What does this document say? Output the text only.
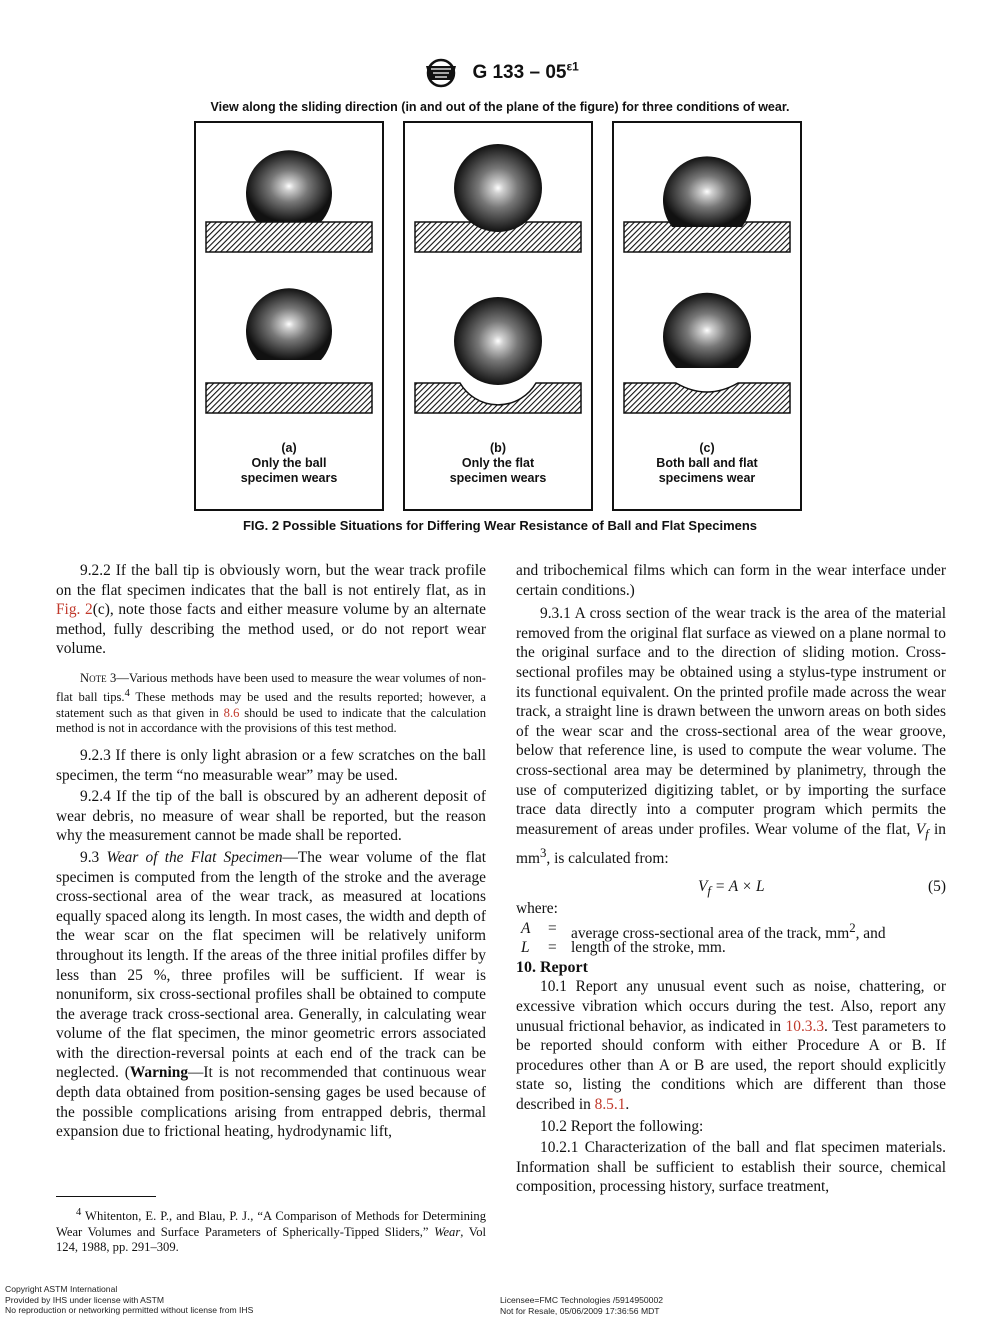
G $133 - 05^{\varepsilon 1}$
View along the sliding direction (in and out of the plane of the figure) for three conditions of wear.
(a)
Only the ball
specimen wears
(b)
Only the flat
specimen wears
(c)
Both ball and flat
specimens wear
FIG. 2 Possible Situations for Differing Wear Resistance of Ball and Flat Specimens

9.2.2 If the ball tip is obviously worn, but the wear track profile on the flat specimen indicates that the ball is not entirely flat, as in Fig. 2(c), note those facts and either measure volume by an alternate method, fully describing the method used, or do not report wear volume.

Note 3—Various methods have been used to measure the wear volumes of non-flat ball tips.$^4$ These methods may be used and the results reported; however, a statement such as that given in 8.6 should be used to indicate that the calculation method is not in accordance with the provisions of this test method.

9.2.3 If there is only light abrasion or a few scratches on the ball specimen, the term “no measurable wear” may be used.

9.2.4 If the tip of the ball is obscured by an adherent deposit of wear debris, no measure of wear shall be reported, but the reason why the measurement cannot be made shall be reported.

9.3 Wear of the Flat Specimen—The wear volume of the flat specimen is computed from the length of the stroke and the average cross-sectional area of the wear track, as measured at locations equally spaced along its length. In most cases, the width and depth of the wear scar on the flat specimen will be relatively uniform throughout its length. If the areas of the three initial profiles differ by less than 25 %, three profiles will be sufficient. If wear is nonuniform, six cross-sectional profiles shall be obtained to compute the average track cross-sectional area. Generally, in calculating wear volume of the flat specimen, the minor geometric errors associated with the direction-reversal points at each end of the track can be neglected. (Warning—It is not recommended that continuous wear depth data obtained from position-sensing gages be used because of the possible complications arising from entrapped debris, thermal expansion due to frictional heating, hydrodynamic lift,

and tribochemical films which can form in the wear interface under certain conditions.)

9.3.1 A cross section of the wear track is the area of the material removed from the original flat surface as viewed on a plane normal to the original surface and to the direction of sliding motion. Cross-sectional profiles may be obtained using a stylus-type instrument or its functional equivalent. On the printed profile made across the wear track, a straight line is drawn between the unworn areas on both sides of the wear scar and the cross-sectional area of the wear groove, below that reference line, is used to compute the wear volume. The cross-sectional area may be determined by planimetry, through the use of computerized digitizing tablet, or by importing the surface trace data directly into a computer program which permits the measurement of areas under profiles. Wear volume of the flat, $V_f$ in $mm^3$, is calculated from:

$V_f = A \times L$	(5)

where:

A = average cross-sectional area of the track, $mm^2$, and
L = length of the stroke, mm.

10. Report

10.1 Report any unusual event such as noise, chattering, or excessive vibration which occurs during the test. Also, report any unusual frictional behavior, as indicated in 10.3.3. Test parameters to be reported should conform with either Procedure A or B. If procedures other than A or B are used, the report should explicitly state so, listing the conditions which are different than those described in 8.5.1.

10.2 Report the following:

10.2.1 Characterization of the ball and flat specimen materials. Information shall be sufficient to establish their source, chemical composition, processing history, surface treatment,

$^4$ Whitenton, E. P., and Blau, P. J., “A Comparison of Methods for Determining Wear Volumes and Surface Parameters of Spherically-Tipped Sliders,” Wear, Vol 124, 1988, pp. 291–309.
Copyright ASTM International
Provided by IHS under license with ASTM
No reproduction or networking permitted without license from IHS
Licensee=FMC Technologies /5914950002
Not for Resale, 05/06/2009 17:36:56 MDT
